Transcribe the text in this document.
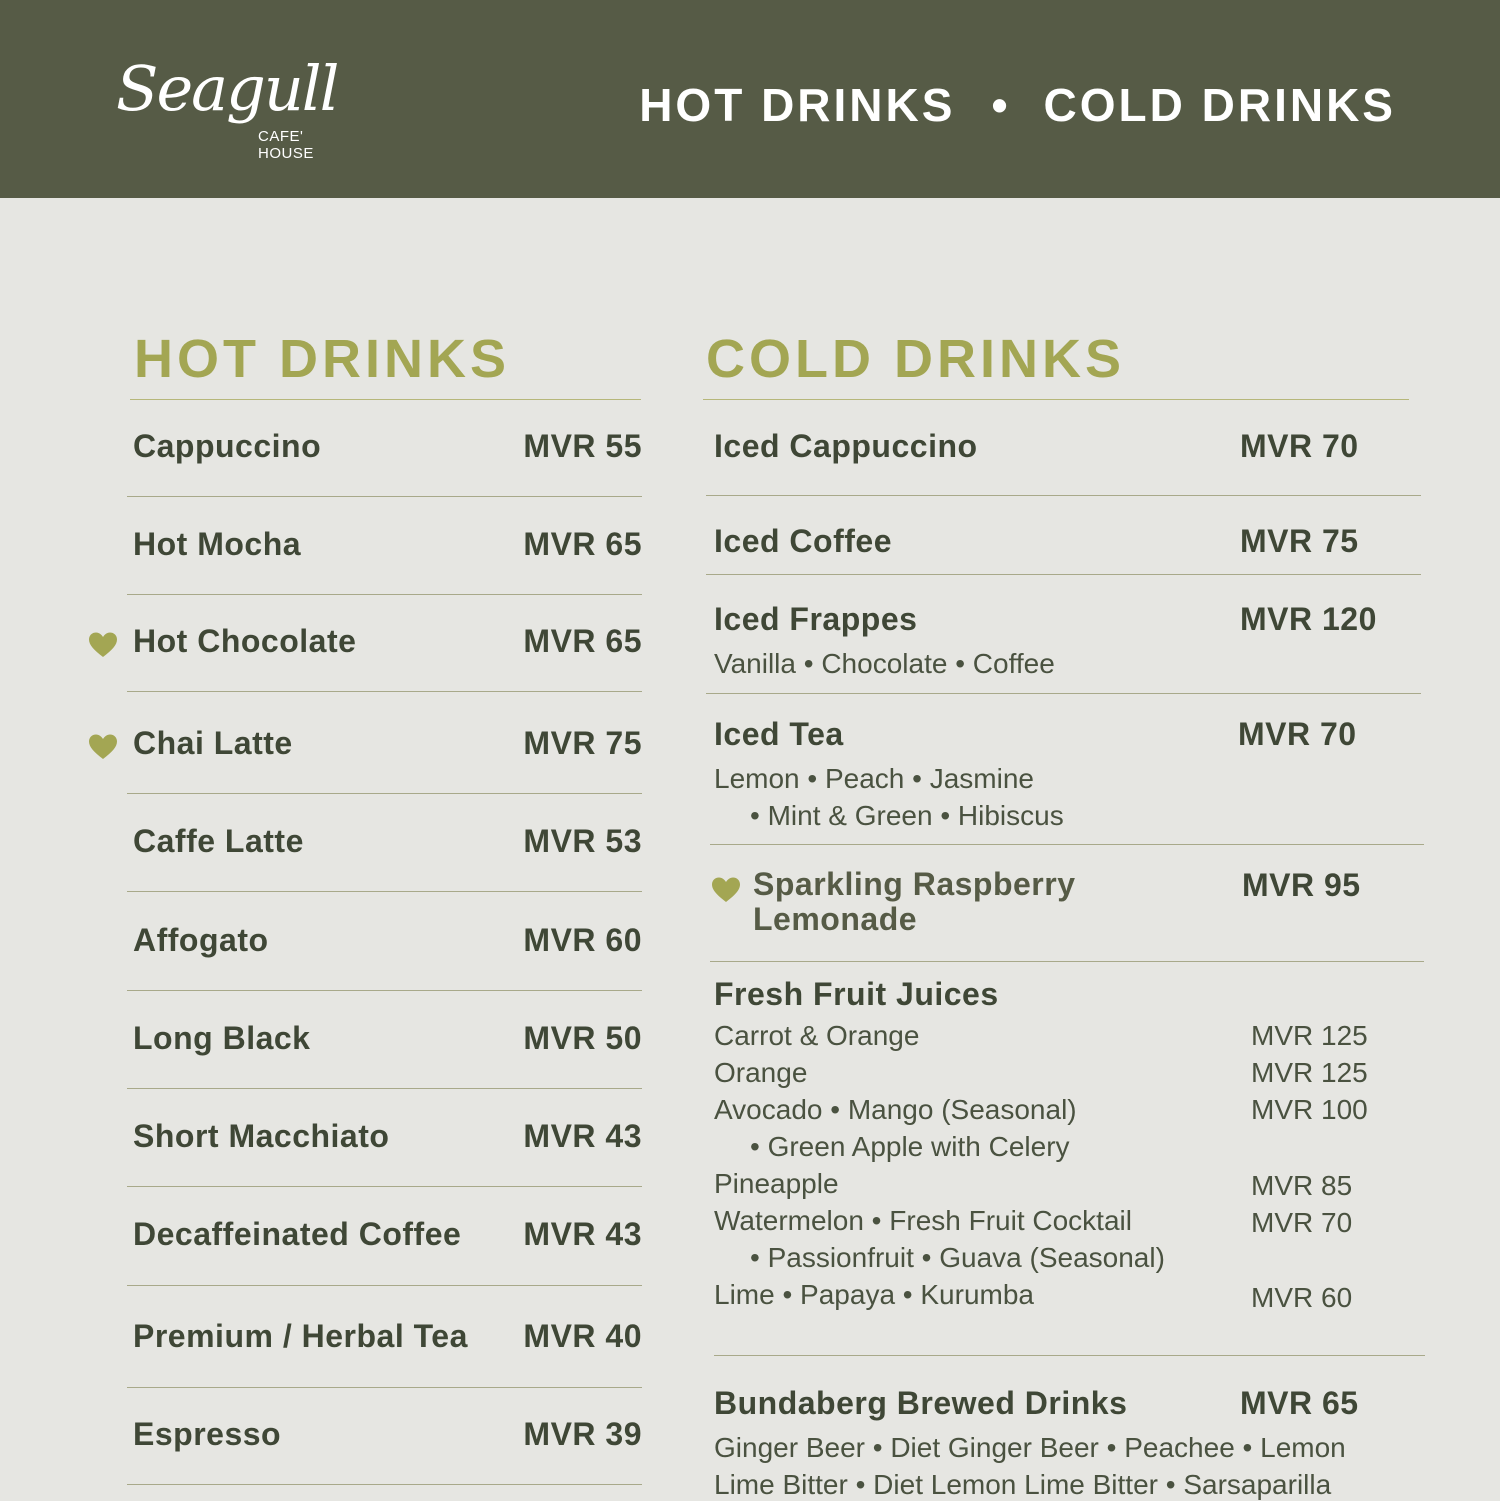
Seagull
CAFE' HOUSE
HOT DRINKS • COLD DRINKS
HOT DRINKS
Cappuccino	MVR 55
Hot Mocha	MVR 65
Hot Chocolate	MVR 65
Chai Latte	MVR 75
Caffe Latte	MVR 53
Affogato	MVR 60
Long Black	MVR 50
Short Macchiato	MVR 43
Decaffeinated Coffee MVR 43
Premium / Herbal Tea MVR 40
Espresso	MVR 39
COLD DRINKS
Iced Cappuccino	MVR 70
Iced Coffee	MVR 75
Iced Frappes	MVR 120
Vanilla • Chocolate • Coffee
Iced Tea	MVR 70
Lemon • Peach • Jasmine
• Mint & Green • Hibiscus
Sparkling Raspberry
Lemonade
MVR 95
Fresh Fruit Juices
Carrot & Orange	MVR 125
Orange	MVR 125
Avocado • Mango (Seasonal)	MVR 100
• Green Apple with Celery
Pineapple	MVR 85
Watermelon • Fresh Fruit Cocktail	MVR 70
• Passionfruit • Guava (Seasonal)
Lime • Papaya • Kurumba	MVR 60
Bundaberg Brewed Drinks	MVR 65
Ginger Beer • Diet Ginger Beer • Peachee • Lemon
Lime Bitter • Diet Lemon Lime Bitter • Sarsaparilla
